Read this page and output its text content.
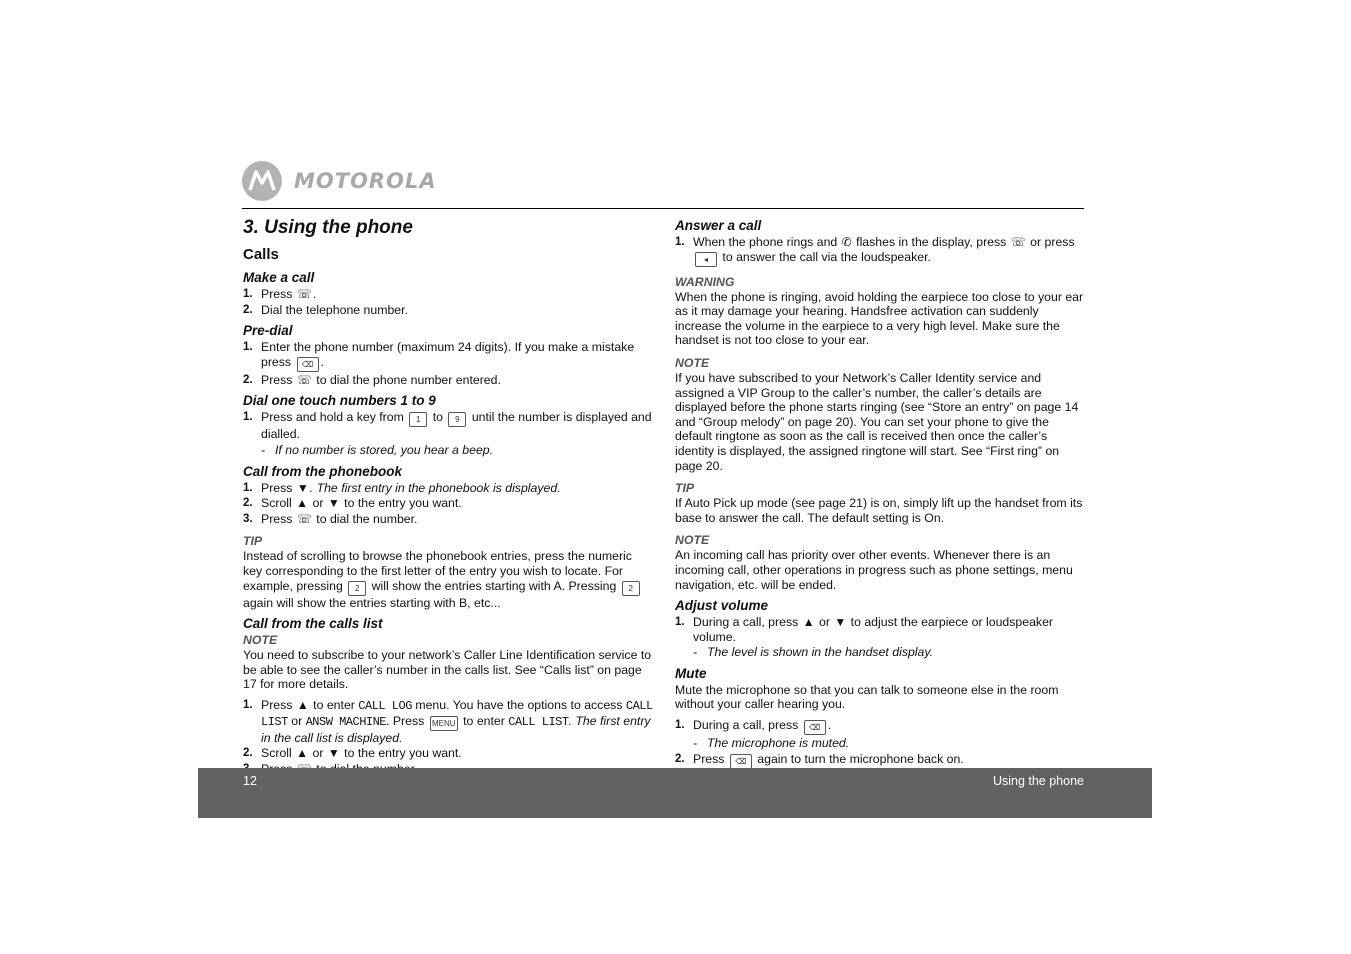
MOTOROLA
3. Using the phone
Calls
Make a call
1. Press ☏.
2. Dial the telephone number.
Pre-dial
1. Enter the phone number (maximum 24 digits). If you make a mistake press ⌫ .
2. Press ☏ to dial the phone number entered.
Dial one touch numbers 1 to 9
1. Press and hold a key from 1 to 9 until the number is displayed and dialled.
- If no number is stored, you hear a beep.
Call from the phonebook
1. Press ▼. The first entry in the phonebook is displayed.
2. Scroll ▲ or ▼ to the entry you want.
3. Press ☏ to dial the number.
TIP

Instead of scrolling to browse the phonebook entries, press the numeric key corresponding to the first letter of the entry you wish to locate. For example, pressing 2 will show the entries starting with A. Pressing 2 again will show the entries starting with B, etc...

Call from the calls list
NOTE

You need to subscribe to your network’s Caller Line Identification service to be able to see the caller’s number in the calls list. See “Calls list” on page 17 for more details.

1. Press ▲ to enter CALL LOG menu. You have the options to access CALL LIST or ANSW MACHINE. Press MENU to enter CALL LIST. The first entry in the call list is displayed.
2. Scroll ▲ or ▼ to the entry you want.
Answer a call
1. When the phone rings and ✆ flashes in the display, press ☏ or press ◂ to answer the call via the loudspeaker.
WARNING

When the phone is ringing, avoid holding the earpiece too close to your ear as it may damage your hearing. Handsfree activation can suddenly increase the volume in the earpiece to a very high level. Make sure the handset is not too close to your ear.

NOTE

If you have subscribed to your Network’s Caller Identity service and assigned a VIP Group to the caller’s number, the caller’s details are displayed before the phone starts ringing (see “Store an entry” on page 14 and “Group melody” on page 20). You can set your phone to give the default ringtone as soon as the call is received then once the caller’s identity is displayed, the assigned ringtone will start. See “First ring” on page 20.

TIP

If Auto Pick up mode (see page 21) is on, simply lift up the handset from its base to answer the call. The default setting is On.

NOTE

An incoming call has priority over other events. Whenever there is an incoming call, other operations in progress such as phone settings, menu navigation, etc. will be ended.

Adjust volume
1. During a call, press ▲ or ▼ to adjust the earpiece or loudspeaker volume.
- The level is shown in the handset display.
Mute

Mute the microphone so that you can talk to someone else in the room without your caller hearing you.

1. During a call, press ⌫ .
- The microphone is muted.
2. Press ⌫ again to turn the microphone back on.
12	Using the phone
